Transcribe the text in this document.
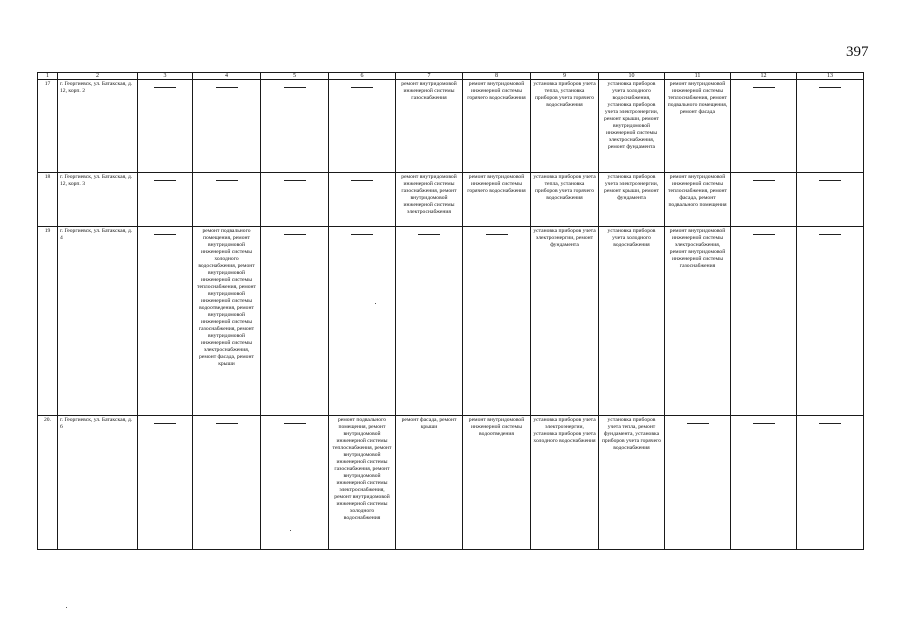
397
1	2	3	4	5	6	7	8	9	10	11	12	13
17	г. Георгиевск, ул. Батакская, д. 12, корп. 2					ремонт внутридомовой инженерной системы газоснабжения	ремонт внутридомовой инженерной системы горячего водоснабжения	установка приборов учета тепла, установка приборов учета горячего водоснабжения	установка приборов учета холодного водоснабжения, установка приборов учета электроэнергии, ремонт крыши, ремонт внутридомовой инженерной системы электроснабжения, ремонт фундамента	ремонт внутридомовой инженерной системы теплоснабжения, ремонт подвального помещения, ремонт фасада	

18	г. Георгиевск, ул. Батакская, д. 12, корп. 3					ремонт внутридомовой инженерной системы газоснабжения, ремонт внутридомовой инженерной системы электроснабжения	ремонт внутридомовой инженерной системы горячего водоснабжения	установка приборов учета тепла, установка приборов учета горячего водоснабжения	установка приборов учета электроэнергии, ремонт крыши, ремонт фундамента	ремонт внутридомовой инженерной системы теплоснабжения, ремонт фасада, ремонт подвального помещения	

19	г. Георгиевск, ул. Батакская, д. 4		ремонт подвального помещения, ремонт внутридомовой инженерной системы холодного водоснабжения, ремонт внутридомовой инженерной системы теплоснабжения, ремонт внутридомовой инженерной системы водоотведения, ремонт внутридомовой инженерной системы газоснабжения, ремонт внутридомовой инженерной системы электроснабжения, ремонт фасада, ремонт крыши					установка приборов учета электроэнергии, ремонт фундамента	установка приборов учета холодного водоснабжения	ремонт внутридомовой инженерной системы электроснабжения, ремонт внутридомовой инженерной системы газоснабжения	

20.	г. Георгиевск, ул. Батакская, д. 6				ремонт подвального помещения, ремонт внутридомовой инженерной системы теплоснабжения, ремонт внутридомовой инженерной системы газоснабжения, ремонт внутридомовой инженерной системы электроснабжения, ремонт внутридомовой инженерной системы холодного водоснабжения	ремонт фасада, ремонт крыши	ремонт внутридомовой инженерной системы водоотведения	установка приборов учета электроэнергии, установка приборов учета холодного водоснабжения	установка приборов учета тепла, ремонт фундамента, установка приборов учета горячего водоснабжения	
